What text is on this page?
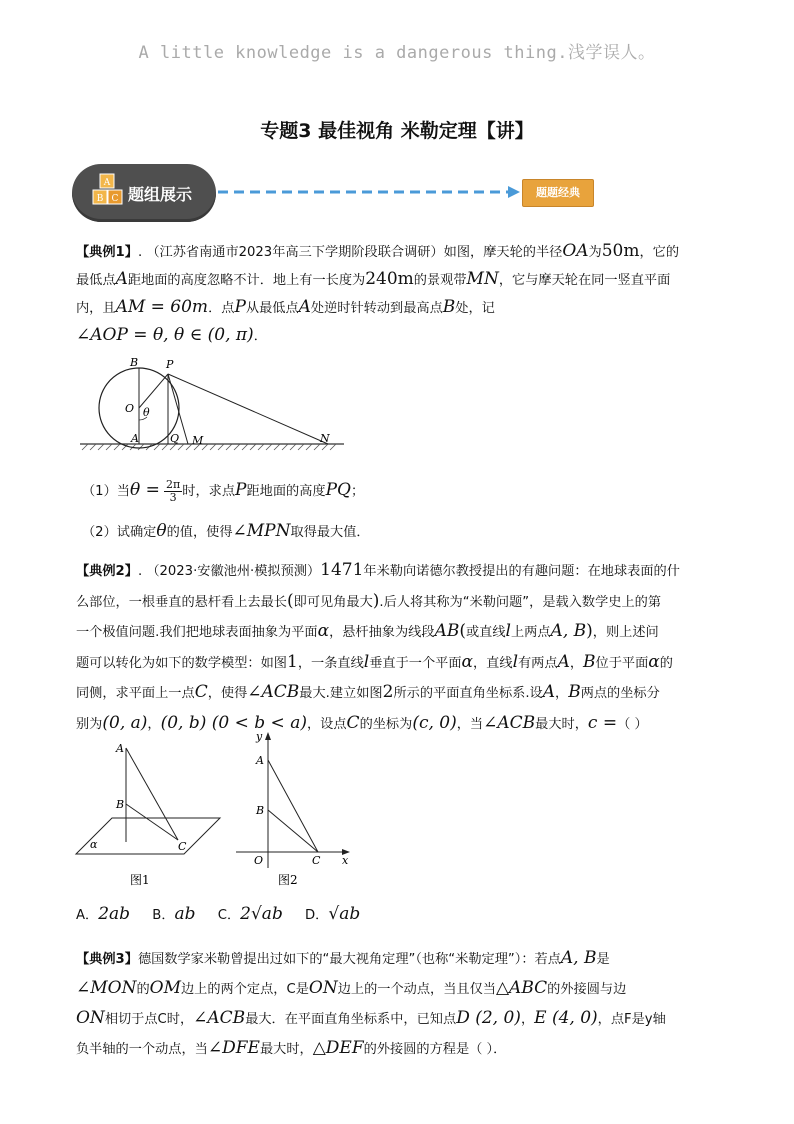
A little knowledge is a dangerous thing.浅学误人。
专题3 最佳视角 米勒定理【讲】
A
B C 题组展示	题题经典
【典例1】. （江苏省南通市2023年高三下学期阶段联合调研）如图，摩天轮的半径OA为50m，它的
最低点A距地面的高度忽略不计．地上有一长度为240m的景观带MN，它与摩天轮在同一竖直平面
内，且AM = 60m．点P从最低点A处逆时针转动到最高点B处，记
∠AOP = θ, θ ∈ (0, π)．
B	P
O θ
A	Q M	N
（1）当$\theta = \frac{2\pi}{3}$ 时，求点P距地面的高度PQ；
（2）试确定θ的值，使得∠MPN取得最大值．
【典例2】. （2023·安徽池州·模拟预测）1471年米勒向诺德尔教授提出的有趣问题：在地球表面的什
么部位，一根垂直的悬杆看上去最长(即可见角最大).后人将其称为“米勒问题”，是载入数学史上的第
一个极值问题.我们把地球表面抽象为平面α，悬杆抽象为线段AB(或直线l上两点A, B)，则上述问
题可以转化为如下的数学模型：如图1，一条直线l垂直于一个平面α，直线l有两点A，B位于平面α的
同侧，求平面上一点C，使得∠ACB最大.建立如图2所示的平面直角坐标系.设A，B两点的坐标分
别为(0, a)，(0, b) (0 < b < a)，设点C的坐标为(c, 0)，当∠ACB最大时，c =（ ）
A
B
C
α
图1
y
A
B
O	C x
图2
A．2ab B．ab C．2√ab D．√ab
【典例3】德国数学家米勒曾提出过如下的“最大视角定理”（也称“米勒定理”）：若点A, B是
∠MON的OM边上的两个定点，C是ON边上的一个动点，当且仅当△ABC的外接圆与边
ON相切于点C时，∠ACB最大．在平面直角坐标系中，已知点D (2, 0)，E (4, 0)，点F是y轴
负半轴的一个动点，当∠DFE最大时，△DEF的外接圆的方程是（ ）．
